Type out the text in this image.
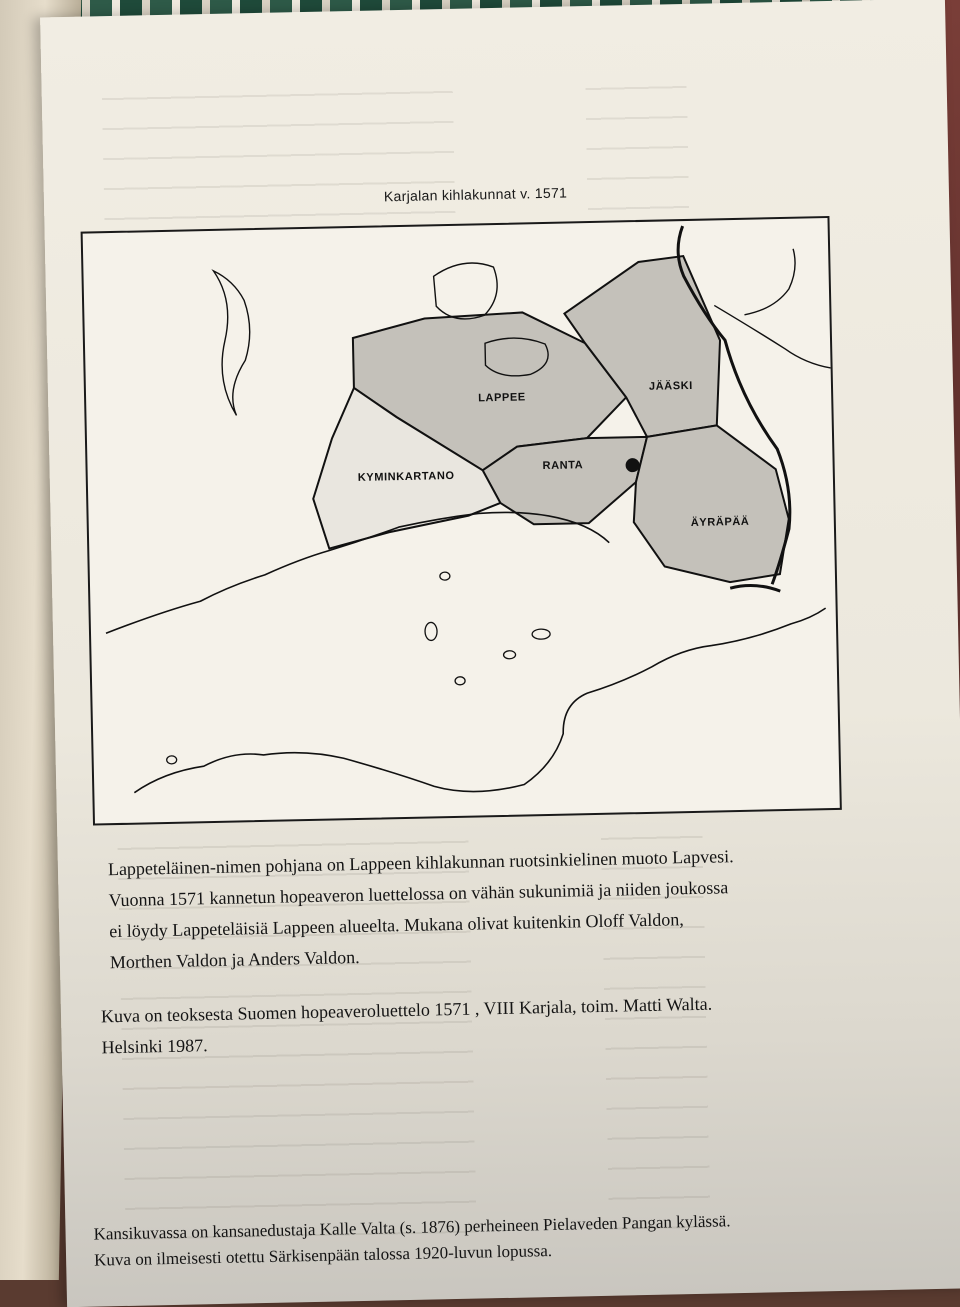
Karjalan kihlakunnat v. 1571
LAPPEE
JÄÄSKI
KYMINKARTANO
RANTA
ÄYRÄPÄÄ
Lappeteläinen-nimen pohjana on Lappeen kihlakunnan ruotsinkielinen muoto Lapvesi.
Vuonna 1571 kannetun hopeaveron luettelossa on vähän sukunimiä ja niiden joukossa
ei löydy Lappeteläisiä Lappeen alueelta. Mukana olivat kuitenkin Oloff Valdon,
Morthen Valdon ja Anders Valdon.
Kuva on teoksesta Suomen hopeaveroluettelo 1571 , VIII Karjala, toim. Matti Walta.
Helsinki 1987.
Kansikuvassa on kansanedustaja Kalle Valta (s. 1876) perheineen Pielaveden Pangan kylässä.
Kuva on ilmeisesti otettu Särkisenpään talossa 1920-luvun lopussa.
